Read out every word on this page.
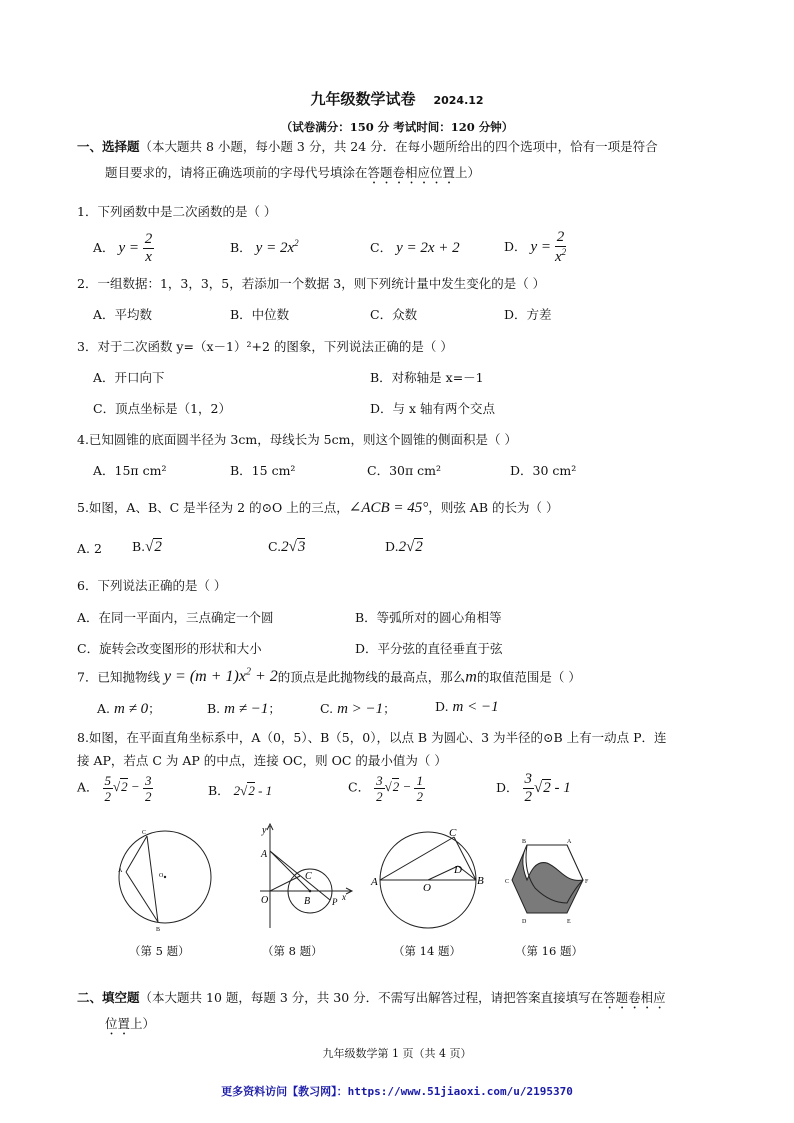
九年级数学试卷 2024.12
（试卷满分：150 分 考试时间：120 分钟）
一、选择题（本大题共 8 小题，每小题 3 分，共 24 分．在每小题所给出的四个选项中，恰有一项是符合
题目要求的，请将正确选项前的字母代号填涂在答题卷相应位置上）
1．下列函数中是二次函数的是（ ）
A． $y = \frac{2}{x}$	B． $y = 2x^2$	C． y = 2x + 2	D． $y = \frac{2}{x^2}$
2．一组数据：1，3，3，5，若添加一个数据 3，则下列统计量中发生变化的是（ ）
A．平均数	B．中位数	C．众数	D．方差
3．对于二次函数 y=（x－1）²+2 的图象，下列说法正确的是（ ）
A．开口向下	B．对称轴是 x=－1
C．顶点坐标是（1，2）	D．与 x 轴有两个交点
4.已知圆锥的底面圆半径为 3cm，母线长为 5cm，则这个圆锥的侧面积是（ ）
A．15π cm²	B．15 cm²	C．30π cm²	D．30 cm²
5.如图，A、B、C 是半径为 2 的⊙O 上的三点，∠ACB = 45°，则弦 AB 的长为（ ）
A. 2 B.√2	C.2√3	D.2√2
6．下列说法正确的是（ ）
A．在同一平面内，三点确定一个圆	B．等弧所对的圆心角相等
C．旋转会改变图形的形状和大小	D．平分弦的直径垂直于弦
7．已知抛物线 $y = (m + 1)x^2 + 2$的顶点是此抛物线的最高点，那么m的取值范围是（ ）
A. m ≠ 0；	B. m ≠ −1；	C. m > −1；	D. m < −1
8.如图，在平面直角坐标系中，A（0，5）、B（5，0），以点 B 为圆心、3 为半径的⊙B 上有一动点 P．连
接 AP，若点 C 为 AP 的中点，连接 OC，则 OC 的最小值为（ ）
A． $\frac{5}{2} √2 - \frac{3}{2}$	B． 2√2 - 1	C． $\frac{3}{2} √2 - \frac{1}{2}$	D． $\frac{3}{2} √2 - 1$
C
A
B
O
y
A
O	B
C
P x
C
A	B
O
D
B	A
C	F
D	E
（第 5 题）	（第 8 题）	（第 14 题）	（第 16 题）
二、填空题（本大题共 10 题，每题 3 分，共 30 分．不需写出解答过程，请把答案直接填写在答题卷相应
位置上）
九年级数学第 1 页（共 4 页）
更多资料访问【教习网】：https://www.51jiaoxi.com/u/2195370
